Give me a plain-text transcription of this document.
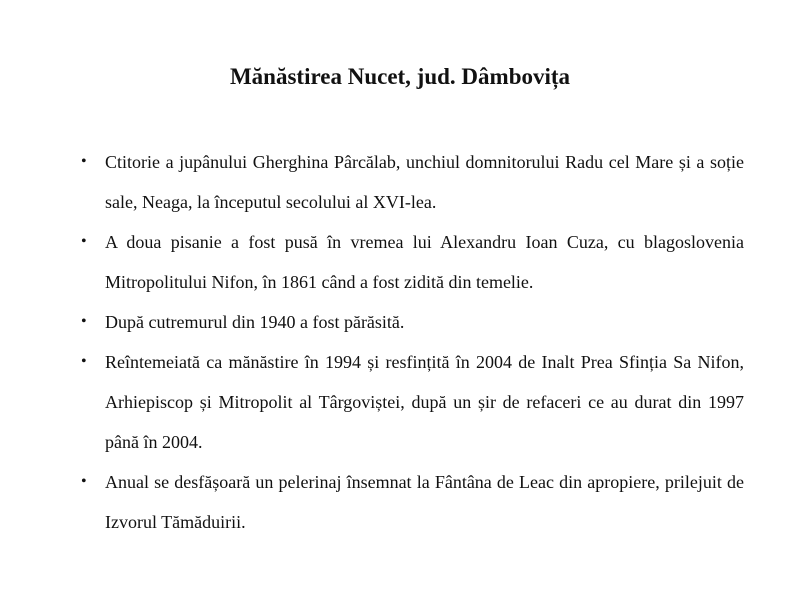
Mănăstirea Nucet, jud. Dâmbovița
• Ctitorie a jupânului Gherghina Pârcălab, unchiul domnitorului Radu cel Mare și a soție sale, Neaga, la începutul secolului al XVI-lea.
• A doua pisanie a fost pusă în vremea lui Alexandru Ioan Cuza, cu blagoslovenia Mitropolitului Nifon, în 1861 când a fost zidită din temelie.
• După cutremurul din 1940 a fost părăsită.
• Reîntemeiată ca mănăstire în 1994 și resfințită în 2004 de Inalt Prea Sfinția Sa Nifon, Arhiepiscop și Mitropolit al Târgoviștei, după un șir de refaceri ce au durat din 1997 până în 2004.
• Anual se desfășoară un pelerinaj însemnat la Fântâna de Leac din apropiere, prilejuit de Izvorul Tămăduirii.
